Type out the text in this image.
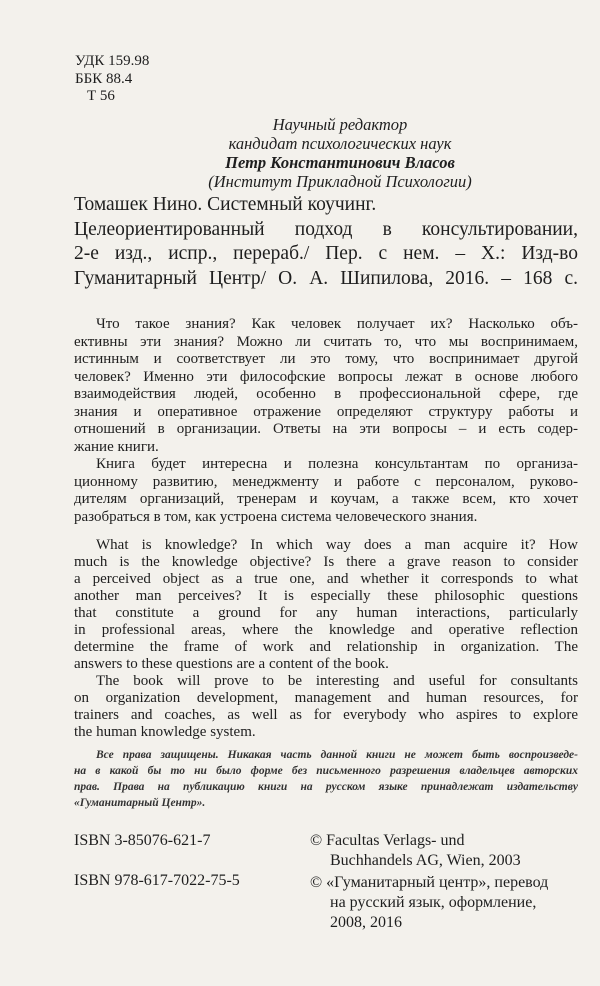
УДК 159.98
ББК 88.4
Т 56
Научный редактор
кандидат психологических наук
Петр Константинович Власов
(Институт Прикладной Психологии)
Томашек Нино. Системный коучинг.
Целеориентированный подход в консультировании,
2-е изд., испр., перераб./ Пер. с нем. – Х.: Изд-во
Гуманитарный Центр/ О. А. Шипилова, 2016. – 168 с.
Что такое знания? Как человек получает их? Насколько объ-
ективны эти знания? Можно ли считать то, что мы воспринимаем,
истинным и соответствует ли это тому, что воспринимает другой
человек? Именно эти философские вопросы лежат в основе любого
взаимодействия людей, особенно в профессиональной сфере, где
знания и оперативное отражение определяют структуру работы и
отношений в организации. Ответы на эти вопросы – и есть содер-
жание книги.
Книга будет интересна и полезна консультантам по организа-
ционному развитию, менеджменту и работе с персоналом, руково-
дителям организаций, тренерам и коучам, а также всем, кто хочет
разобраться в том, как устроена система человеческого знания.
What is knowledge? In which way does a man acquire it? How
much is the knowledge objective? Is there a grave reason to consider
a perceived object as a true one, and whether it corresponds to what
another man perceives? It is especially these philosophic questions
that constitute a ground for any human interactions, particularly
in professional areas, where the knowledge and operative reflection
determine the frame of work and relationship in organization. The
answers to these questions are a content of the book.
The book will prove to be interesting and useful for consultants
on organization development, management and human resources, for
trainers and coaches, as well as for everybody who aspires to explore
the human knowledge system.
Все права защищены. Никакая часть данной книги не может быть воспроизведе-
на в какой бы то ни было форме без письменного разрешения владельцев авторских
прав. Права на публикацию книги на русском языке принадлежат издательству
«Гуманитарный Центр».
ISBN 3-85076-621-7
ISBN 978-617-7022-75-5
© Facultas Verlags- und
Buchhandels AG, Wien, 2003
© «Гуманитарный центр», перевод
на русский язык, оформление,
2008, 2016
